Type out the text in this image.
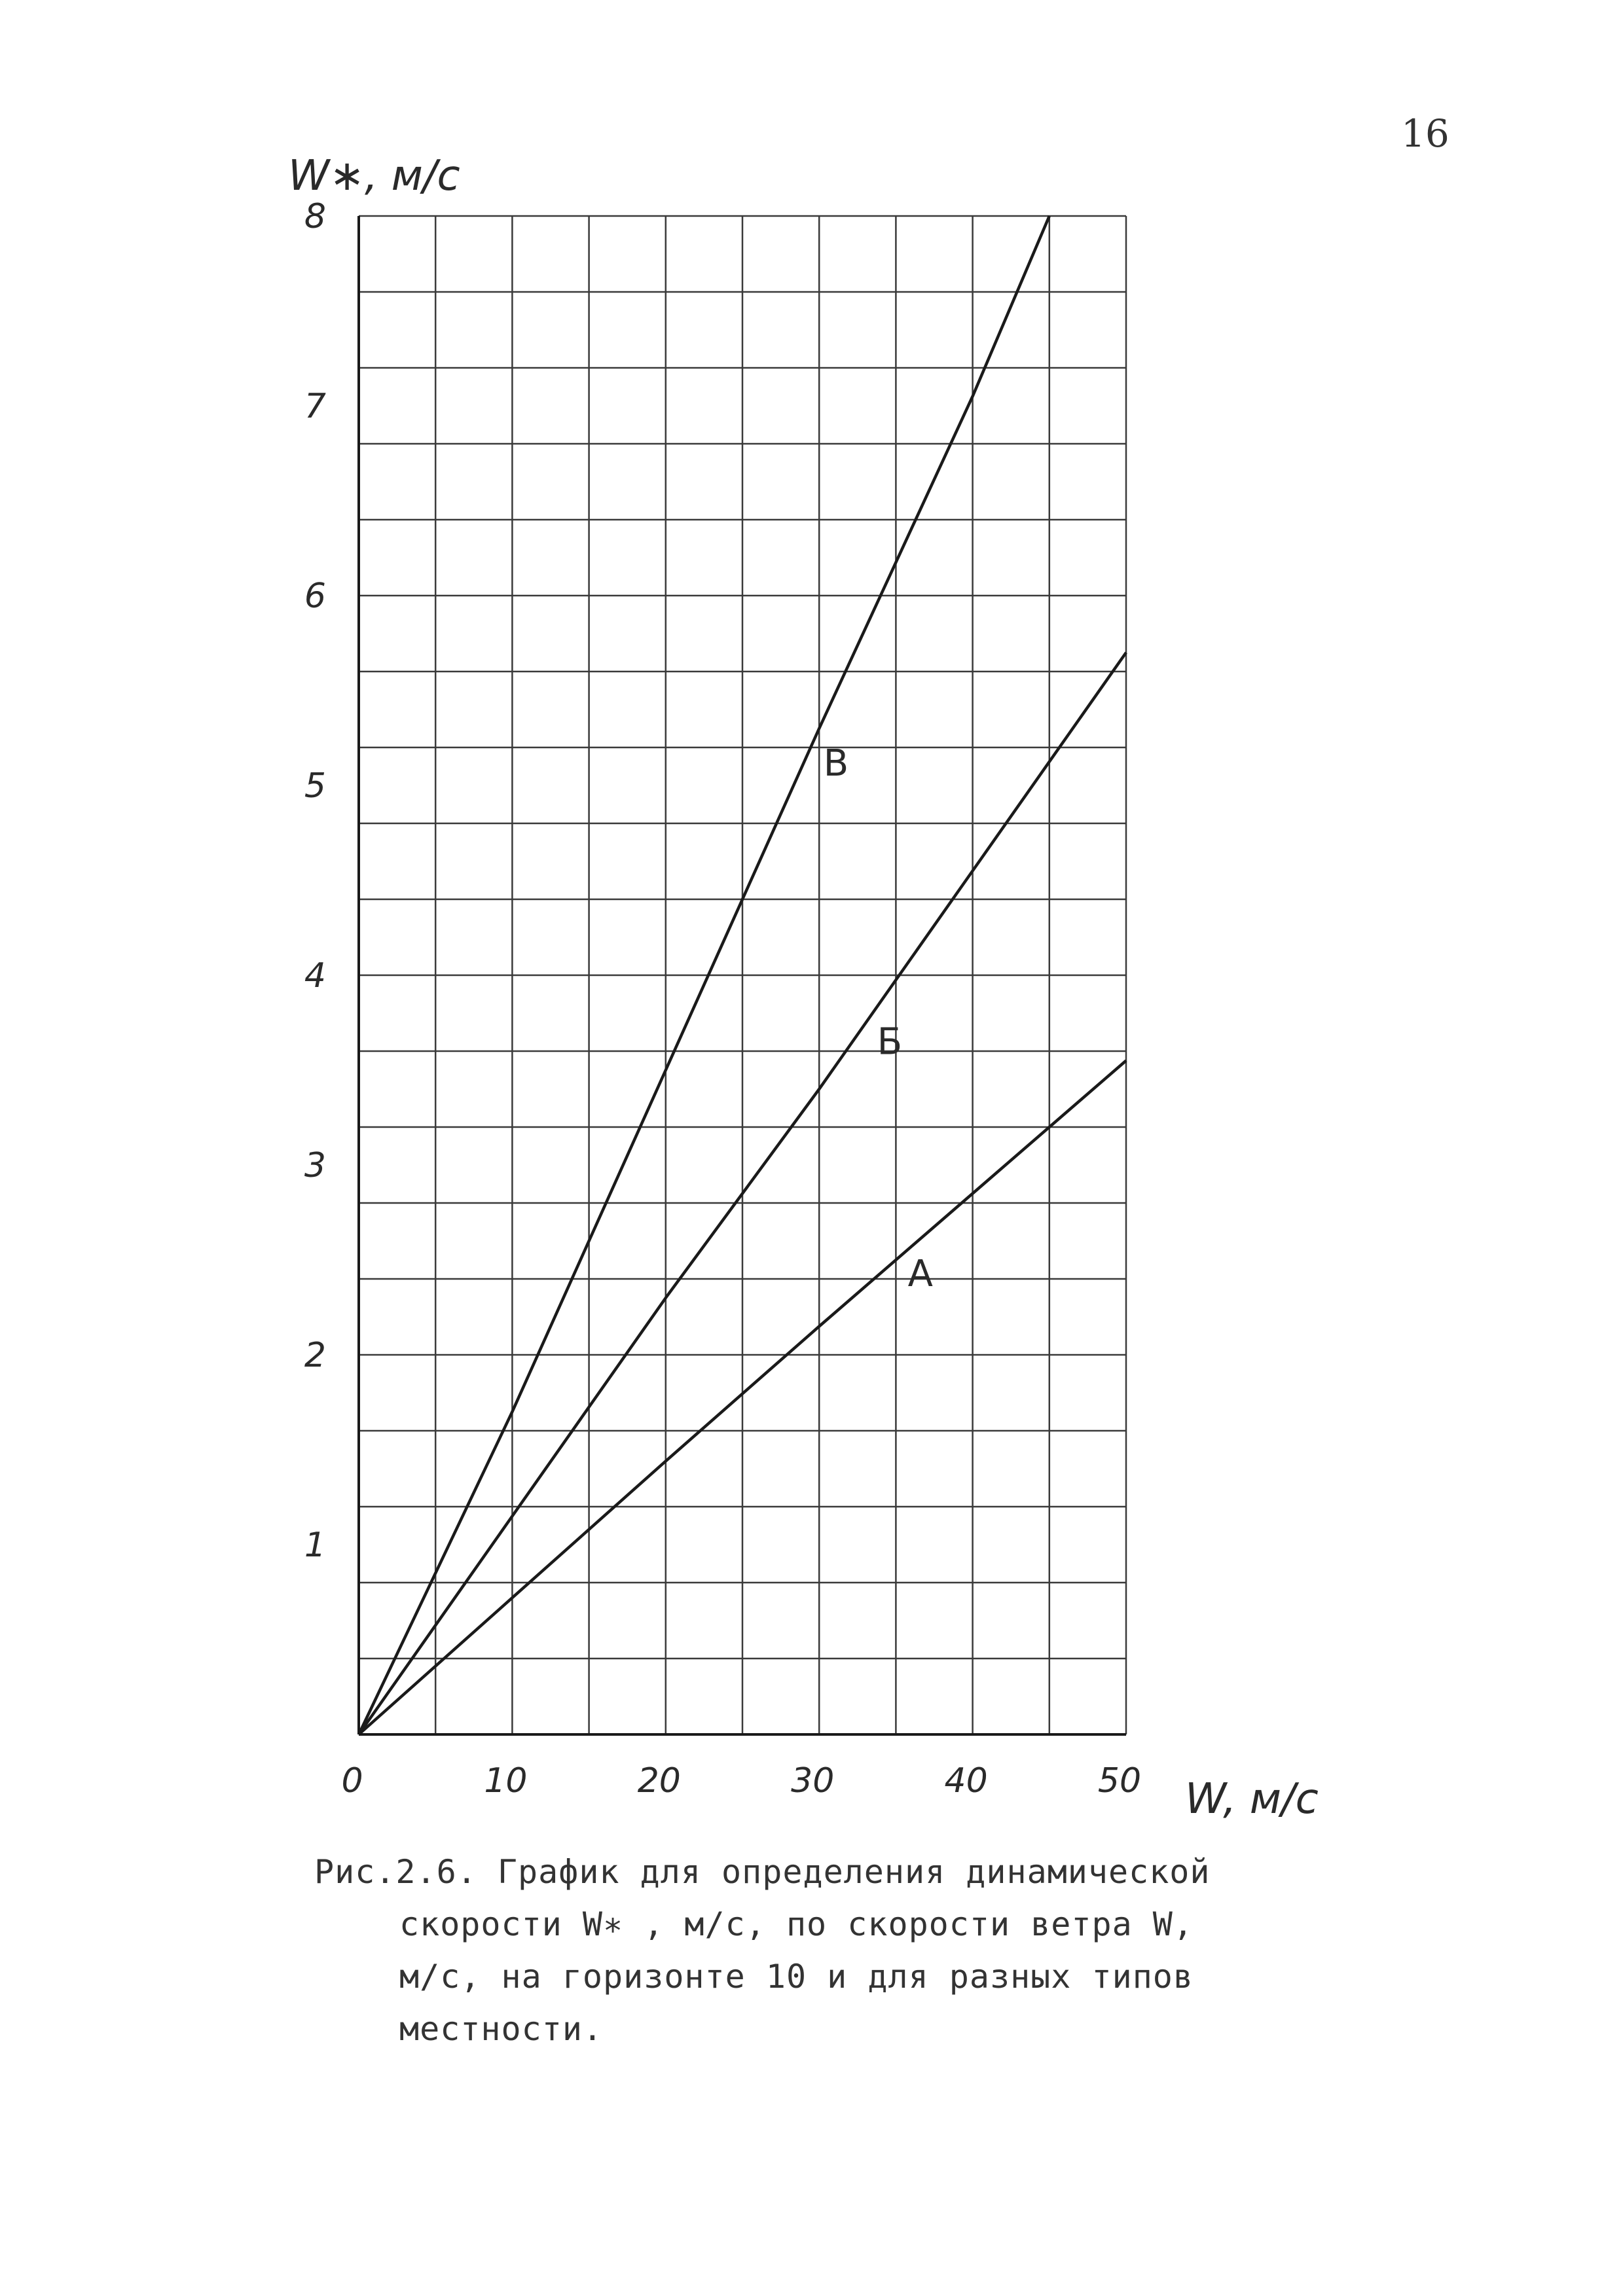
16
0	10	20	30	40	50
1
2
3
4
5
6
7
8
А
Б
В
W∗, м/с
W, м/с
Рис.2.6. График для определения динамической
скорости W∗ , м/с, по скорости ветра W,
м/с, на горизонте 10 и для разных типов
местности.
